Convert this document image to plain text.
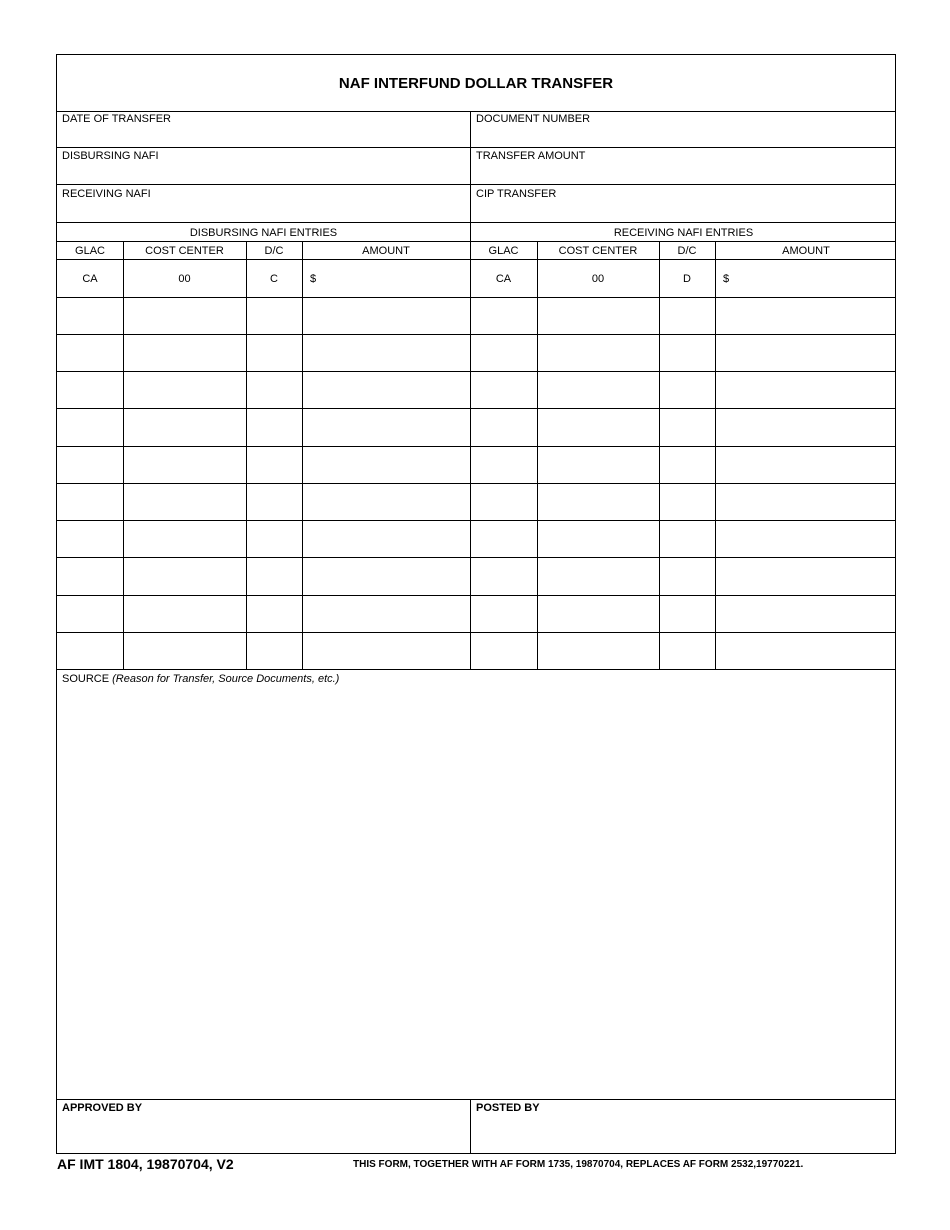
NAF INTERFUND DOLLAR TRANSFER
DATE OF TRANSFER	DOCUMENT NUMBER
DISBURSING NAFI	TRANSFER AMOUNT
RECEIVING NAFI	CIP TRANSFER
DISBURSING NAFI ENTRIES	RECEIVING NAFI ENTRIES
GLAC	COST CENTER	D/C	AMOUNT	GLAC	COST CENTER	D/C	AMOUNT
CA	00	C	$	CA	00	D	$
SOURCE (Reason for Transfer, Source Documents, etc.)
APPROVED BY	POSTED BY
AF IMT 1804, 19870704, V2	THIS FORM, TOGETHER WITH AF FORM 1735, 19870704, REPLACES AF FORM 2532,19770221.
